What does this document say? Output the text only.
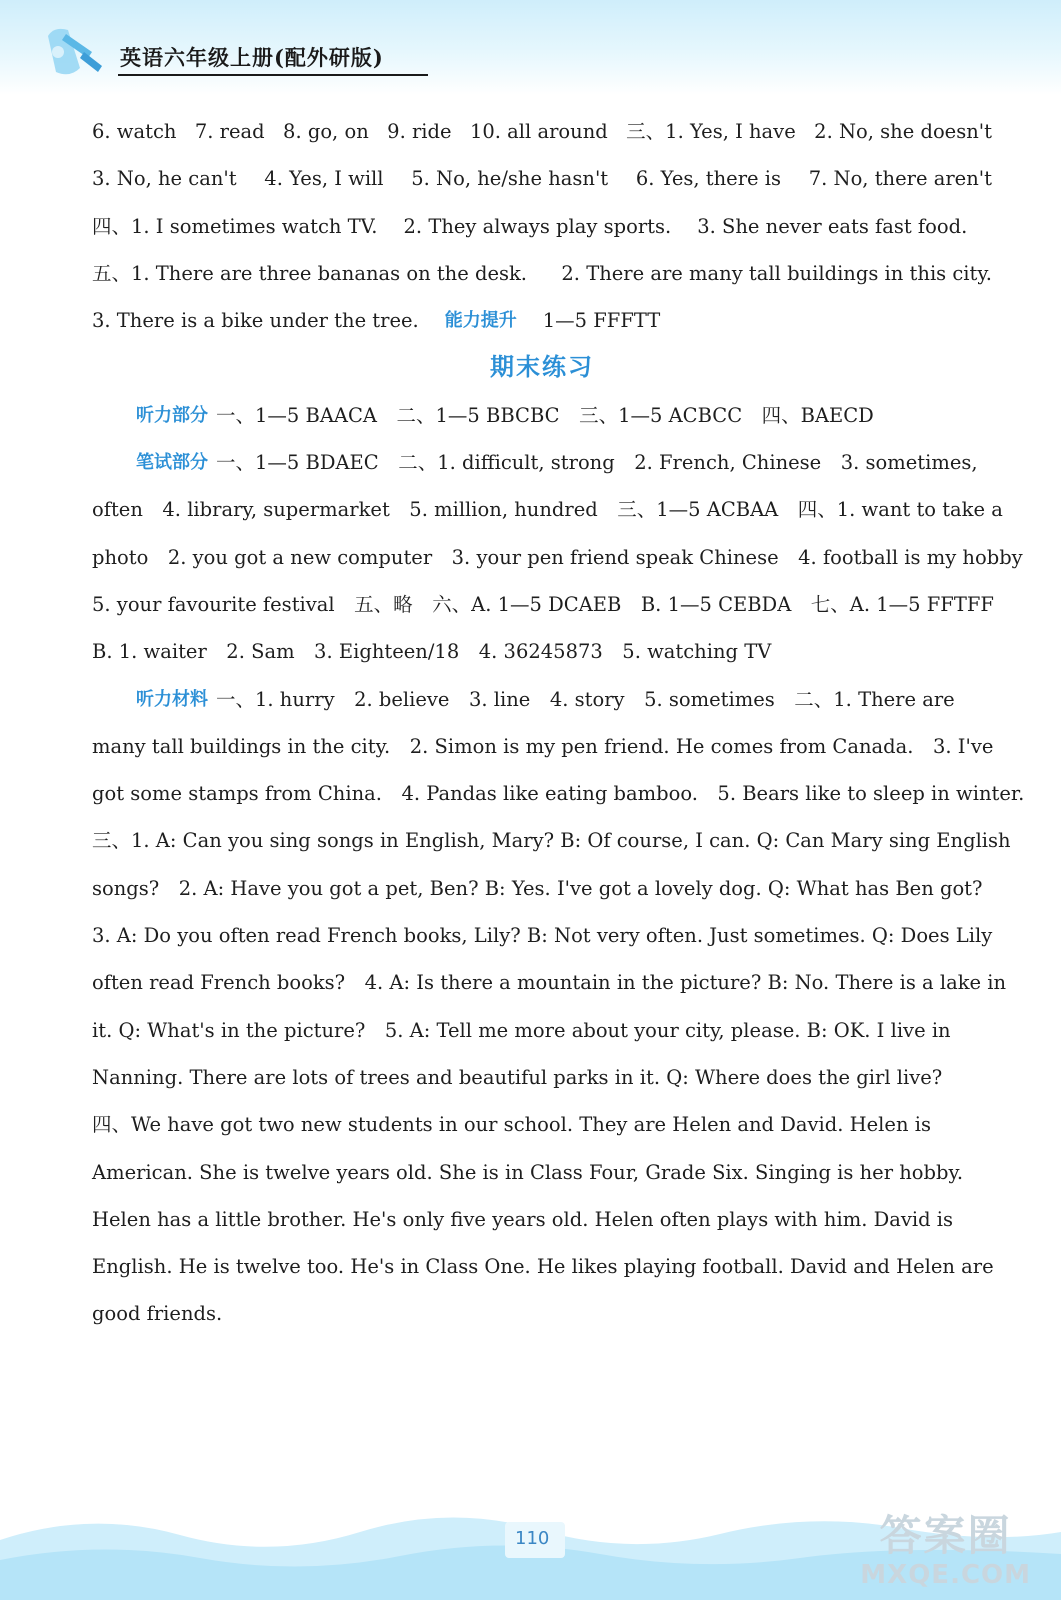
英语六年级上册(配外研版)
6. watch 7. read 8. go, on 9. ride 10. all around 三、1. Yes, I have 2. No, she doesn't
3. No, he can't 4. Yes, I will 5. No, he/she hasn't 6. Yes, there is 7. No, there aren't
四、1. I sometimes watch TV. 2. They always play sports. 3. She never eats fast food.
五、1. There are three bananas on the desk. 2. There are many tall buildings in this city.
3. There is a bike under the tree. 能力提升 1—5 FFFTT
期末练习
听力部分 一、1—5 BAACA　二、1—5 BBCBC　三、1—5 ACBCC　四、BAECD
笔试部分 一、1—5 BDAEC　二、1. difficult, strong　2. French, Chinese　3. sometimes,
often　4. library, supermarket　5. million, hundred　三、1—5 ACBAA　四、1. want to take a
photo　2. you got a new computer　3. your pen friend speak Chinese　4. football is my hobby
5. your favourite festival　五、略　六、A. 1—5 DCAEB　B. 1—5 CEBDA　七、A. 1—5 FFTFF
B. 1. waiter　2. Sam　3. Eighteen/18　4. 36245873　5. watching TV
听力材料 一、1. hurry　2. believe　3. line　4. story　5. sometimes　二、1. There are
many tall buildings in the city.　2. Simon is my pen friend. He comes from Canada.　3. I've
got some stamps from China.　4. Pandas like eating bamboo.　5. Bears like to sleep in winter.
三、1. A: Can you sing songs in English, Mary? B: Of course, I can. Q: Can Mary sing English
songs?　2. A: Have you got a pet, Ben? B: Yes. I've got a lovely dog. Q: What has Ben got?
3. A: Do you often read French books, Lily? B: Not very often. Just sometimes. Q: Does Lily
often read French books?　4. A: Is there a mountain in the picture? B: No. There is a lake in
it. Q: What's in the picture?　5. A: Tell me more about your city, please. B: OK. I live in
Nanning. There are lots of trees and beautiful parks in it. Q: Where does the girl live?
四、We have got two new students in our school. They are Helen and David. Helen is
American. She is twelve years old. She is in Class Four, Grade Six. Singing is her hobby.
Helen has a little brother. He's only five years old. Helen often plays with him. David is
English. He is twelve too. He's in Class One. He likes playing football. David and Helen are
good friends.
110	答案圈
MXQE.COM
